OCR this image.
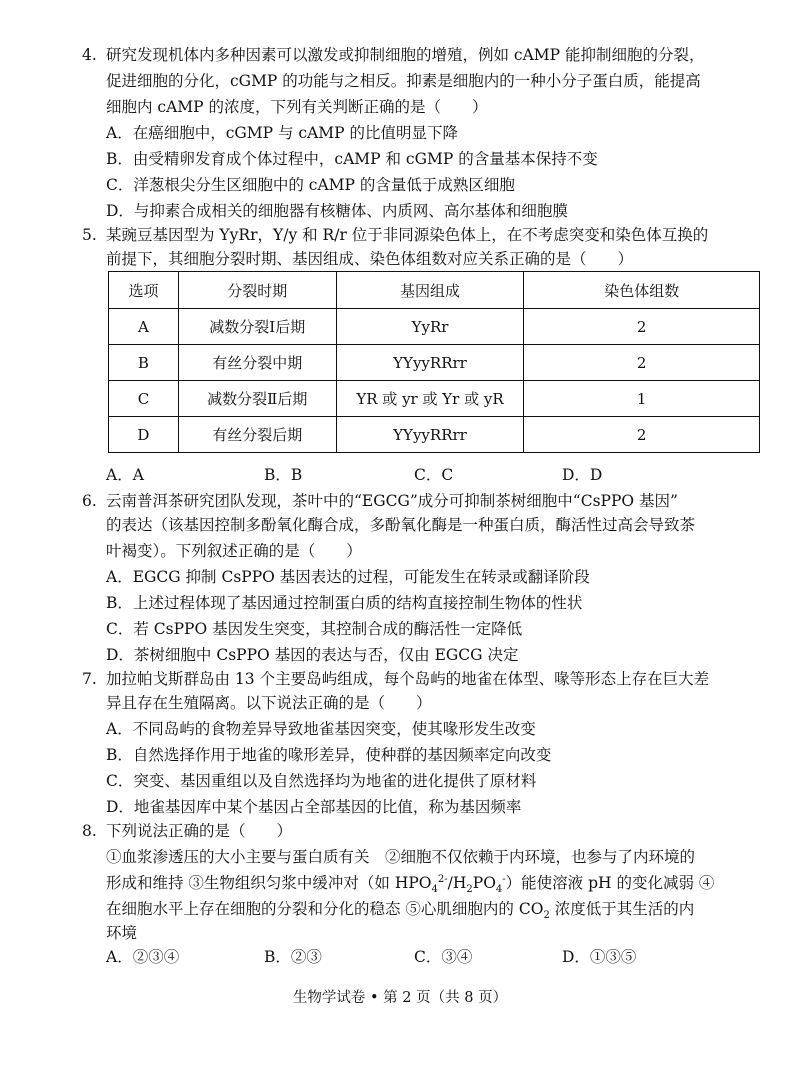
4. 研究发现机体内多种因素可以激发或抑制细胞的增殖，例如 cAMP 能抑制细胞的分裂，
促进细胞的分化，cGMP 的功能与之相反。抑素是细胞内的一种小分子蛋白质，能提高
细胞内 cAMP 的浓度，下列有关判断正确的是（　　）
A．在癌细胞中，cGMP 与 cAMP 的比值明显下降
B．由受精卵发育成个体过程中，cAMP 和 cGMP 的含量基本保持不变
C．洋葱根尖分生区细胞中的 cAMP 的含量低于成熟区细胞
D．与抑素合成相关的细胞器有核糖体、内质网、高尔基体和细胞膜
5. 某豌豆基因型为 YyRr，Y/y 和 R/r 位于非同源染色体上，在不考虑突变和染色体互换的
前提下，其细胞分裂时期、基因组成、染色体组数对应关系正确的是（　　）
选项	分裂时期	基因组成	染色体组数
A	减数分裂Ⅰ后期	YyRr	2
B	有丝分裂中期	YYyyRRrr	2
C	减数分裂Ⅱ后期	YR 或 yr 或 Yr 或 yR	1
D	有丝分裂后期	YYyyRRrr	2
A．A	B．B	C．C	D．D
6. 云南普洱茶研究团队发现，茶叶中的“EGCG”成分可抑制茶树细胞中“CsPPO 基因”
的表达（该基因控制多酚氧化酶合成，多酚氧化酶是一种蛋白质，酶活性过高会导致茶
叶褐变）。下列叙述正确的是（　　）
A．EGCG 抑制 CsPPO 基因表达的过程，可能发生在转录或翻译阶段
B．上述过程体现了基因通过控制蛋白质的结构直接控制生物体的性状
C．若 CsPPO 基因发生突变，其控制合成的酶活性一定降低
D．茶树细胞中 CsPPO 基因的表达与否，仅由 EGCG 决定
7. 加拉帕戈斯群岛由 13 个主要岛屿组成，每个岛屿的地雀在体型、喙等形态上存在巨大差
异且存在生殖隔离。以下说法正确的是（　　）
A．不同岛屿的食物差异导致地雀基因突变，使其喙形发生改变
B．自然选择作用于地雀的喙形差异，使种群的基因频率定向改变
C．突变、基因重组以及自然选择均为地雀的进化提供了原材料
D．地雀基因库中某个基因占全部基因的比值，称为基因频率
8. 下列说法正确的是（　　）
①血浆渗透压的大小主要与蛋白质有关　②细胞不仅依赖于内环境，也参与了内环境的
形成和维持 ③生物组织匀浆中缓冲对（如 $HPO_4^{2-}/H_2PO_4^-$）能使溶液 pH 的变化减弱 ④
在细胞水平上存在细胞的分裂和分化的稳态 ⑤心肌细胞内的 $CO_2$ 浓度低于其生活的内
环境
A．②③④	B．②③	C．③④	D．①③⑤
生物学试卷 • 第 2 页（共 8 页）
